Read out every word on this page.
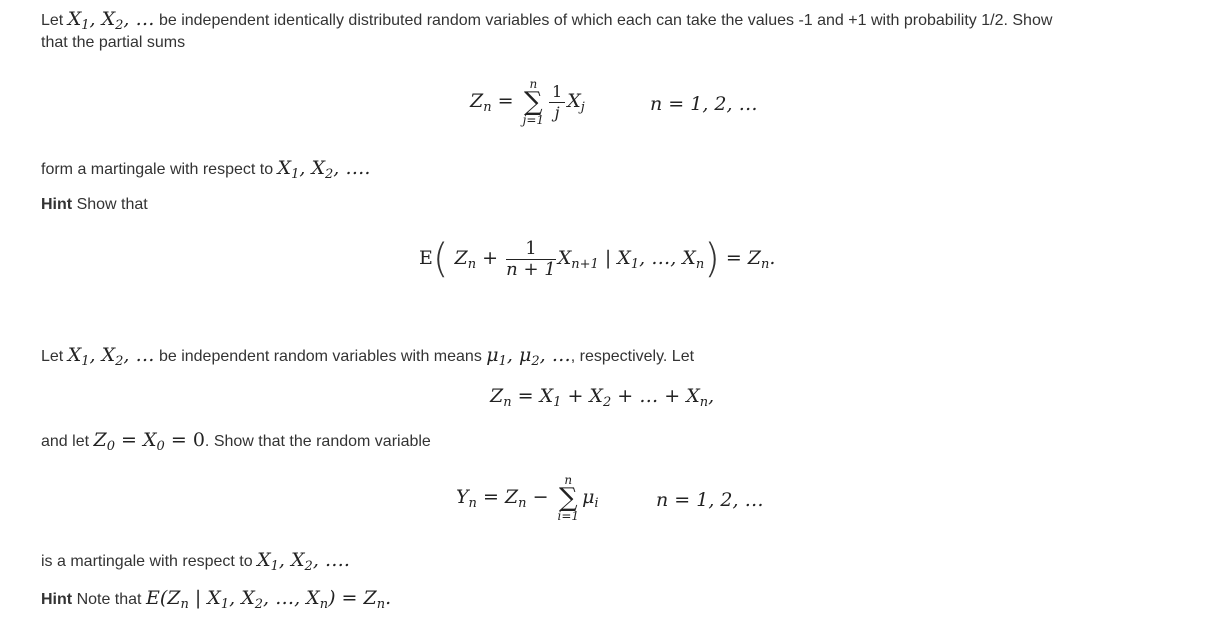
Let $X_1$, $X_2$, … be independent identically distributed random variables of which each can take the values -1 and +1 with probability 1/2. Show
that the partial sums
$Z_n$ =
n
∑
$j=1 \frac{1}{j} X_j$	n = 1, 2, …
form a martingale with respect to $X_1$, $X_2$, ….
Hint Show that
E( $Z_n + \frac{1}{n + 1} X_{n+1}$ | $X_1$, …, $X_n) = Z_n$.
Let $X_1$, $X_2$, … be independent random variables with means $\mu_1$, $\mu_2$, …, respectively. Let
$Z_n = X_1 + X_2$ + … + $X_n$,
and let $Z_0 = X_0 = 0$. Show that the random variable
$Y_n = Z_n$ −
n
∑
i=1
$\mu_i$	n = 1, 2, …
is a martingale with respect to $X_1$, $X_2$, ….
Hint Note that $E(Z_n$ | $X_1$, $X_2$, …, $X_n) = Z_n$.
